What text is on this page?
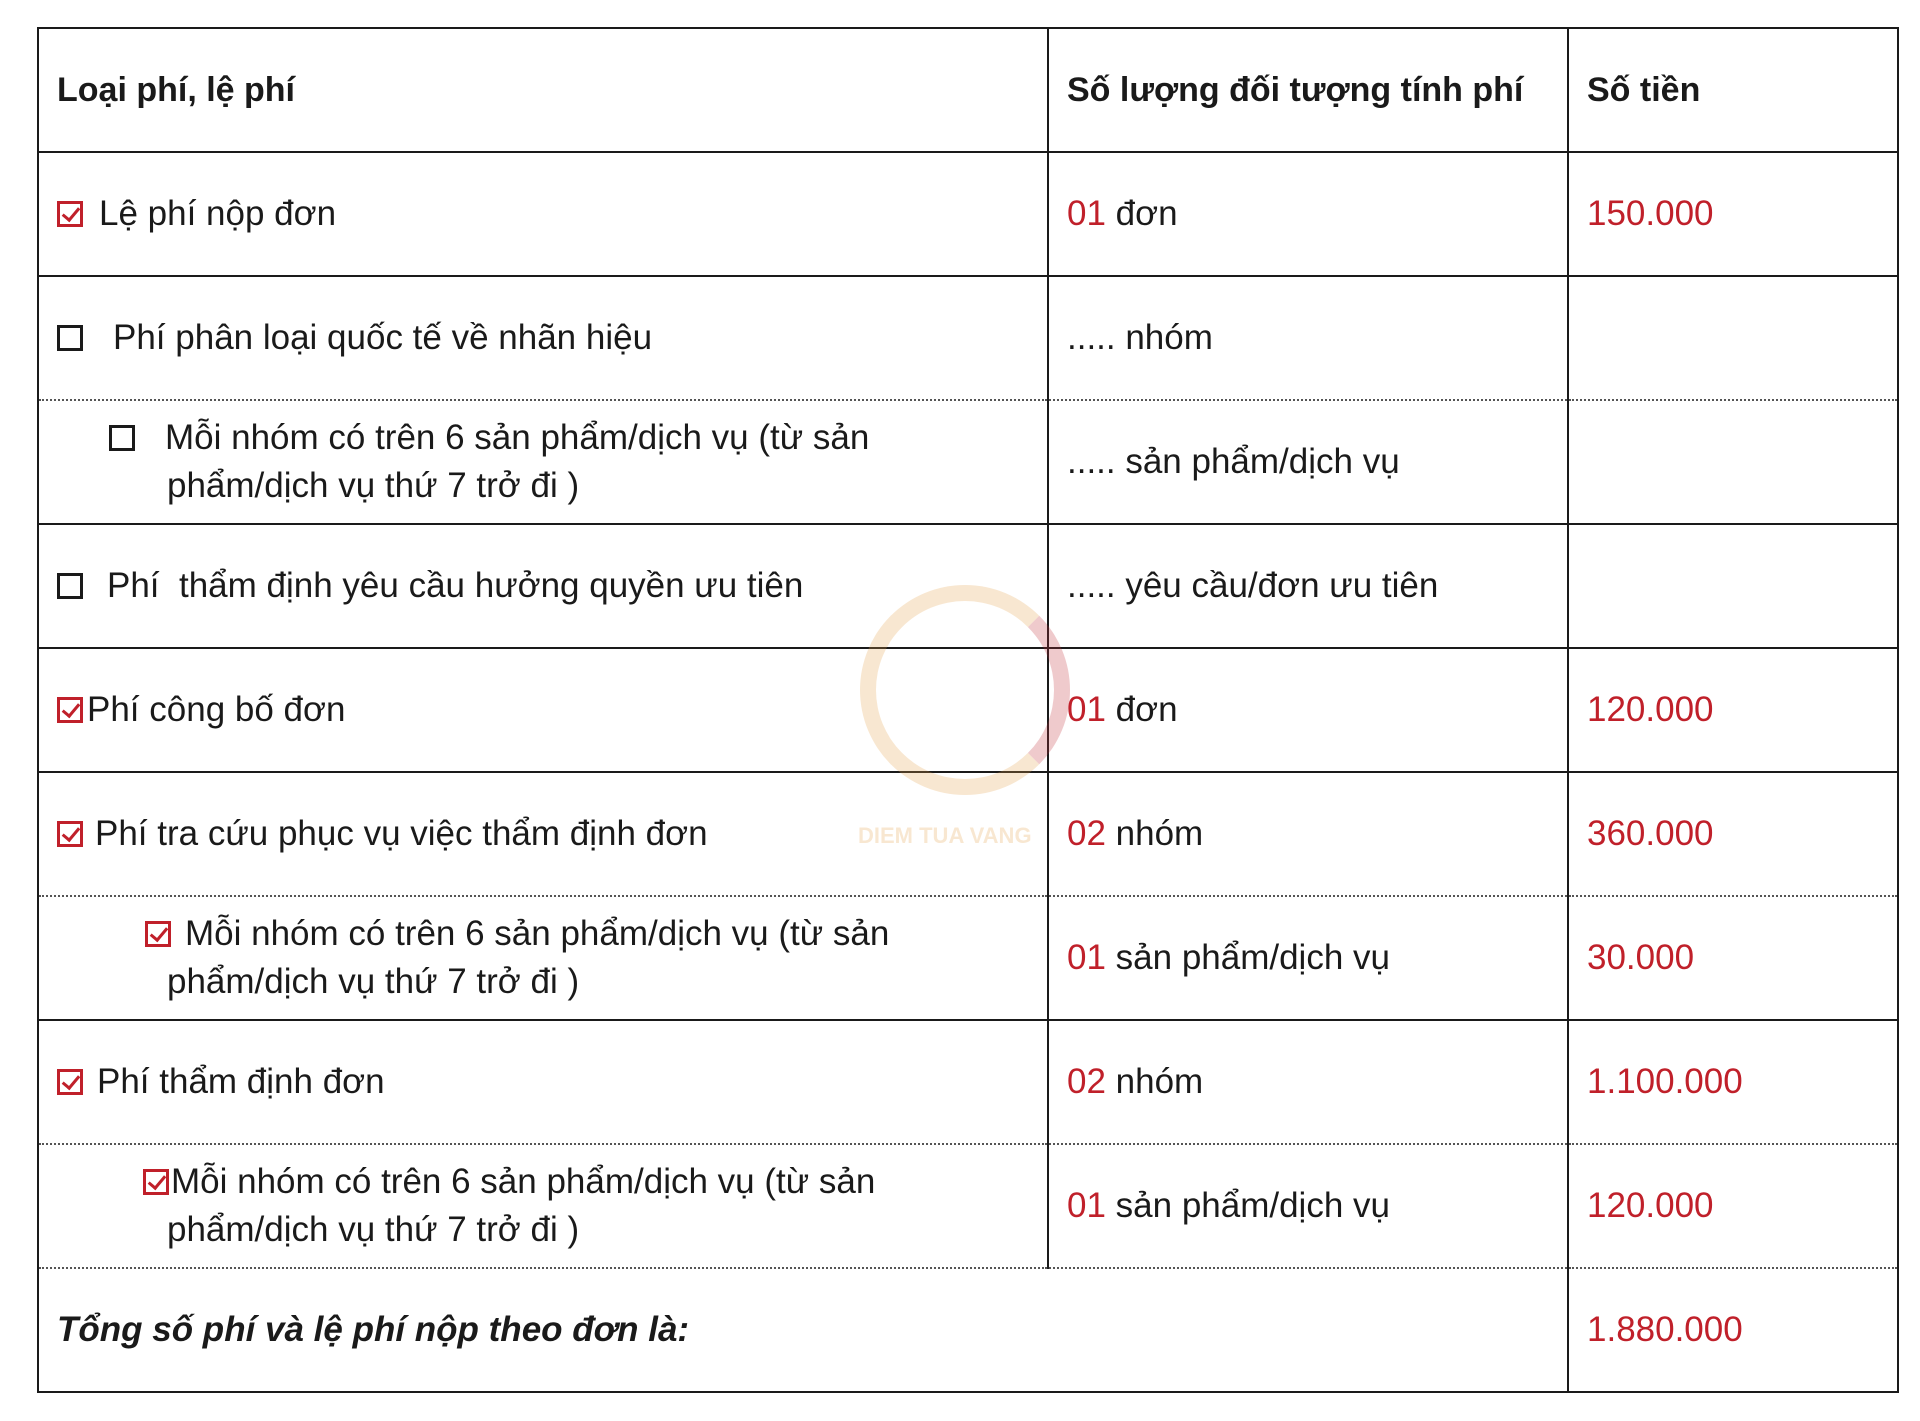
Loại phí, lệ phí	Số lượng đối tượng tính phí	Số tiền
Lệ phí nộp đơn	01 đơn	150.000
Phí phân loại quốc tế về nhãn hiệu	..... nhóm	

Mỗi nhóm có trên 6 sản phẩm/dịch vụ (từ sản
phẩm/dịch vụ thứ 7 trở đi )	..... sản phẩm/dịch vụ	
Phí  thẩm định yêu cầu hưởng quyền ưu tiên	..... yêu cầu/đơn ưu tiên	
Phí công bố đơn	01 đơn	120.000
Phí tra cứu phục vụ việc thẩm định đơn	02 nhóm	360.000

Mỗi nhóm có trên 6 sản phẩm/dịch vụ (từ sản
phẩm/dịch vụ thứ 7 trở đi )	01 sản phẩm/dịch vụ	30.000
Phí thẩm định đơn	02 nhóm	1.100.000

Mỗi nhóm có trên 6 sản phẩm/dịch vụ (từ sản
phẩm/dịch vụ thứ 7 trở đi )	01 sản phẩm/dịch vụ	120.000
Tổng số phí và lệ phí nộp theo đơn là:		1.880.000
DIEM TUA VANG
